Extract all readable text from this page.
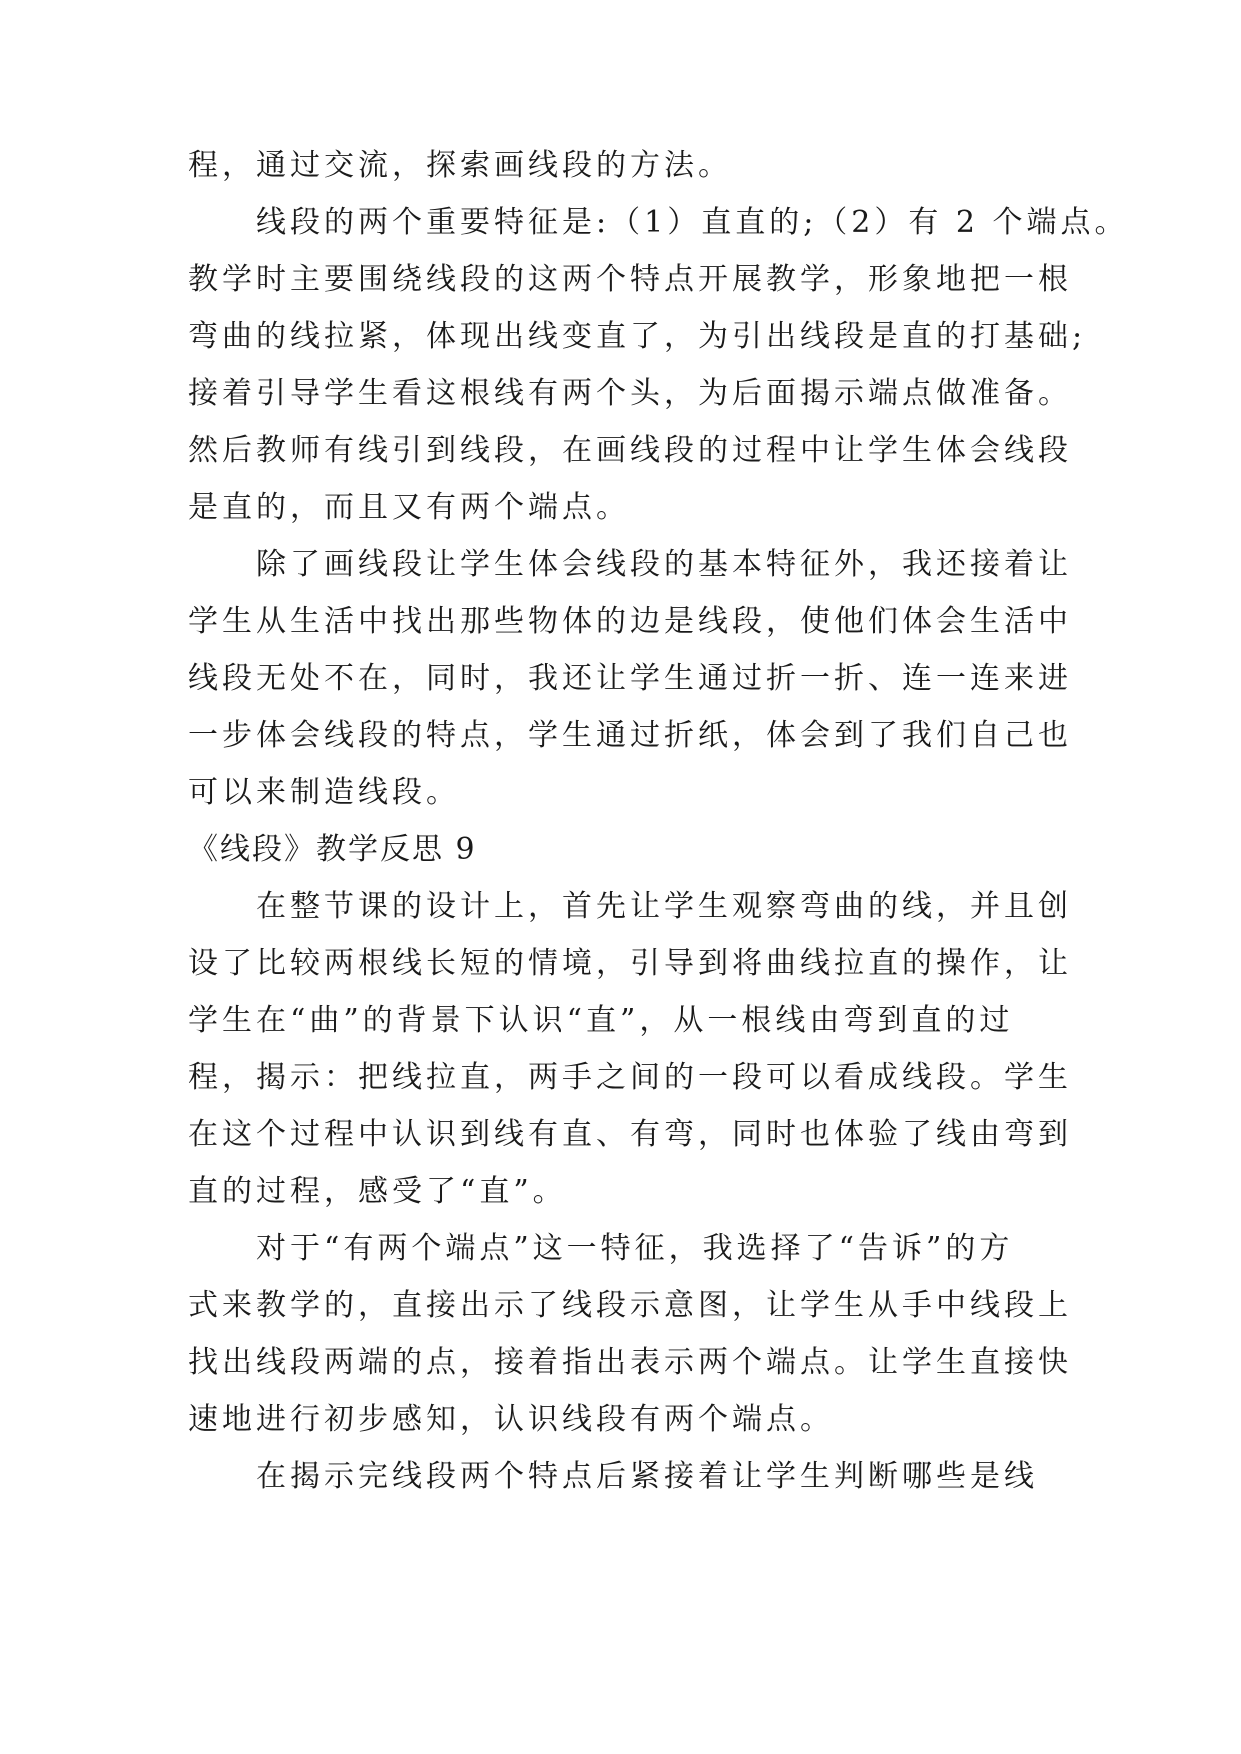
程，通过交流，探索画线段的方法。
线段的两个重要特征是:（1）直直的;（2）有 2 个端点。
教学时主要围绕线段的这两个特点开展教学，形象地把一根
弯曲的线拉紧，体现出线变直了，为引出线段是直的打基础;
接着引导学生看这根线有两个头，为后面揭示端点做准备。
然后教师有线引到线段，在画线段的过程中让学生体会线段
是直的，而且又有两个端点。
除了画线段让学生体会线段的基本特征外，我还接着让
学生从生活中找出那些物体的边是线段，使他们体会生活中
线段无处不在，同时，我还让学生通过折一折、连一连来进
一步体会线段的特点，学生通过折纸，体会到了我们自己也
可以来制造线段。
《线段》教学反思 9
在整节课的设计上，首先让学生观察弯曲的线，并且创
设了比较两根线长短的情境，引导到将曲线拉直的操作，让
学生在“曲”的背景下认识“直”，从一根线由弯到直的过
程，揭示：把线拉直，两手之间的一段可以看成线段。学生
在这个过程中认识到线有直、有弯，同时也体验了线由弯到
直的过程，感受了“直”。
对于“有两个端点”这一特征，我选择了“告诉”的方
式来教学的，直接出示了线段示意图，让学生从手中线段上
找出线段两端的点，接着指出表示两个端点。让学生直接快
速地进行初步感知，认识线段有两个端点。
在揭示完线段两个特点后紧接着让学生判断哪些是线
